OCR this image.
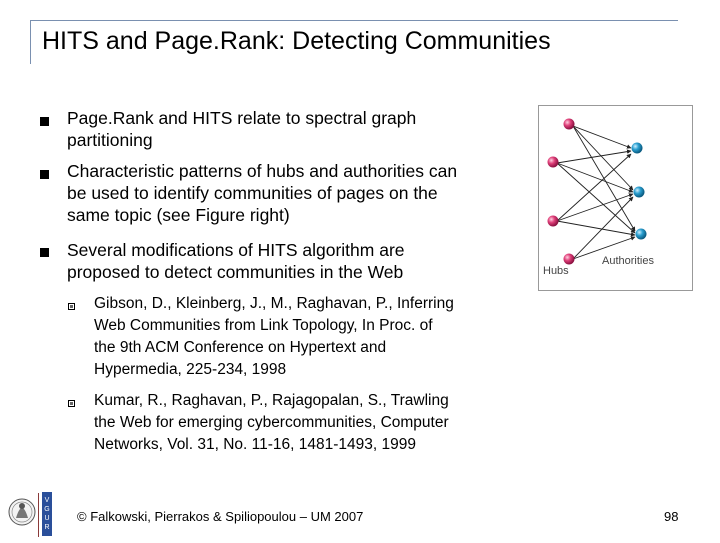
HITS and Page.Rank: Detecting Communities
Page.Rank and HITS relate to spectral graph
partitioning
Characteristic patterns of hubs and authorities can
be used to identify communities of pages on the
same topic (see Figure right)
Several modifications of HITS algorithm are
proposed to detect communities in the Web
Gibson, D., Kleinberg, J., M., Raghavan, P., Inferring
Web Communities from Link Topology, In Proc. of
the 9th ACM Conference on Hypertext and
Hypermedia, 225-234, 1998
Kumar, R., Raghavan, P., Rajagopalan, S., Trawling
the Web for emerging cybercommunities, Computer
Networks, Vol. 31, No. 11-16, 1481-1493, 1999
Hubs
Authorities
V
G
U
R
© Falkowski, Pierrakos & Spiliopoulou – UM 2007	98
